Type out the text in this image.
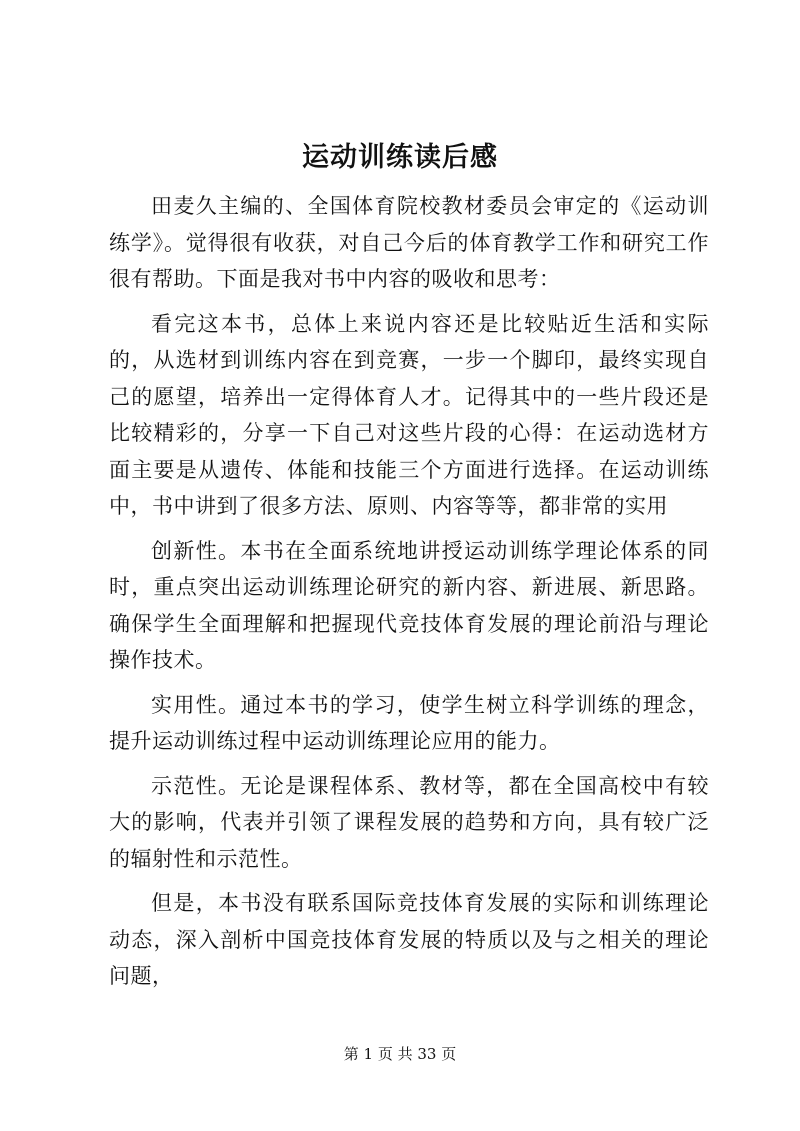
运动训练读后感

田麦久主编的、全国体育院校教材委员会审定的《运动训练学》。觉得很有收获，对自己今后的体育教学工作和研究工作很有帮助。下面是我对书中内容的吸收和思考：

看完这本书，总体上来说内容还是比较贴近生活和实际的，从选材到训练内容在到竞赛，一步一个脚印，最终实现自己的愿望，培养出一定得体育人才。记得其中的一些片段还是比较精彩的，分享一下自己对这些片段的心得：在运动选材方面主要是从遗传、体能和技能三个方面进行选择。在运动训练中，书中讲到了很多方法、原则、内容等等，都非常的实用

创新性。本书在全面系统地讲授运动训练学理论体系的同时，重点突出运动训练理论研究的新内容、新进展、新思路。确保学生全面理解和把握现代竞技体育发展的理论前沿与理论操作技术。

实用性。通过本书的学习，使学生树立科学训练的理念，提升运动训练过程中运动训练理论应用的能力。

示范性。无论是课程体系、教材等，都在全国高校中有较大的影响，代表并引领了课程发展的趋势和方向，具有较广泛的辐射性和示范性。

但是，本书没有联系国际竞技体育发展的实际和训练理论动态，深入剖析中国竞技体育发展的特质以及与之相关的理论问题，

第 1 页 共 33 页
